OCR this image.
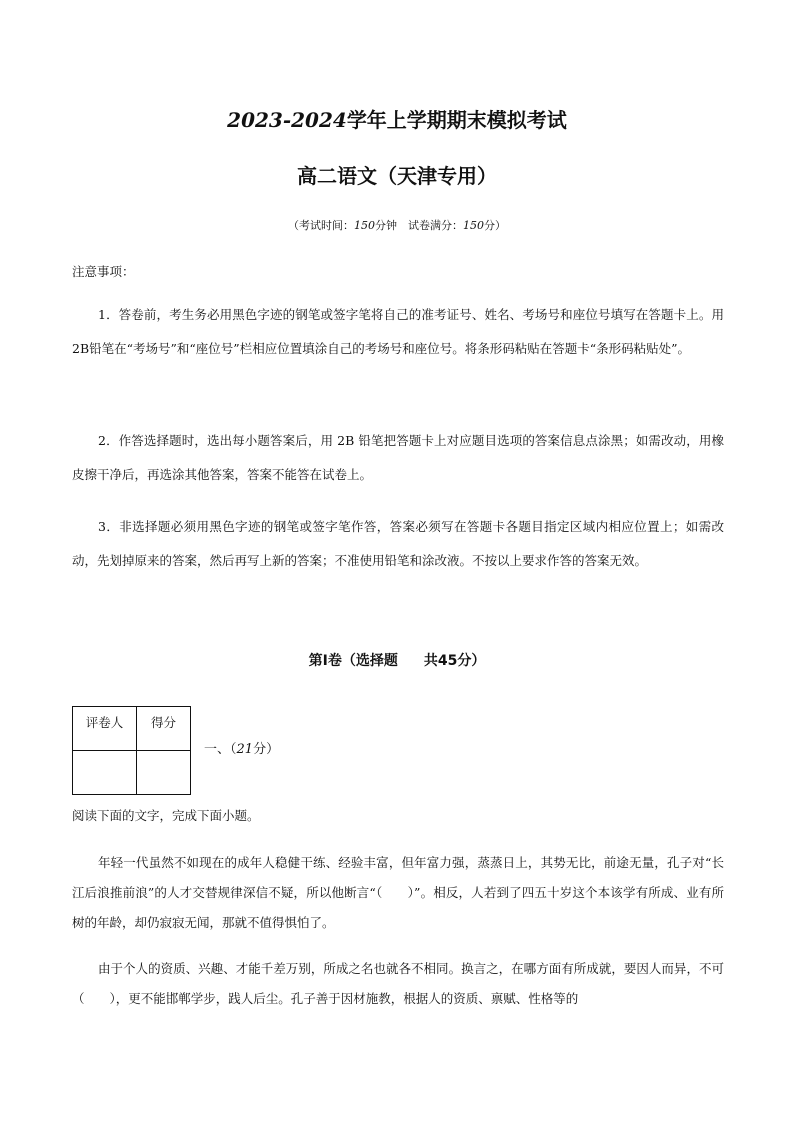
2023-2024学年上学期期末模拟考试
高二语文（天津专用）
（考试时间：150分钟　试卷满分：150分）
注意事项：
1．答卷前，考生务必用黑色字迹的钢笔或签字笔将自己的准考证号、姓名、考场号和座位号填写在答题卡上。用2B铅笔在“考场号”和“座位号”栏相应位置填涂自己的考场号和座位号。将条形码粘贴在答题卡“条形码粘贴处”。
2．作答选择题时，选出每小题答案后，用 2B 铅笔把答题卡上对应题目选项的答案信息点涂黑；如需改动，用橡皮擦干净后，再选涂其他答案，答案不能答在试卷上。
3．非选择题必须用黑色字迹的钢笔或签字笔作答，答案必须写在答题卡各题目指定区域内相应位置上；如需改动，先划掉原来的答案，然后再写上新的答案；不准使用铅笔和涂改液。不按以上要求作答的答案无效。
第Ⅰ卷（选择题 共45分）
评卷人	得分

一、（21分）
阅读下面的文字，完成下面小题。
年轻一代虽然不如现在的成年人稳健干练、经验丰富，但年富力强，蒸蒸日上，其势无比，前途无量，孔子对“长江后浪推前浪”的人才交替规律深信不疑，所以他断言“（　　）”。相反，人若到了四五十岁这个本该学有所成、业有所树的年龄，却仍寂寂无闻，那就不值得惧怕了。
由于个人的资质、兴趣、才能千差万别，所成之名也就各不相同。换言之，在哪方面有所成就，要因人而异，不可（　　），更不能邯郸学步，践人后尘。孔子善于因材施教，根据人的资质、禀赋、性格等的
